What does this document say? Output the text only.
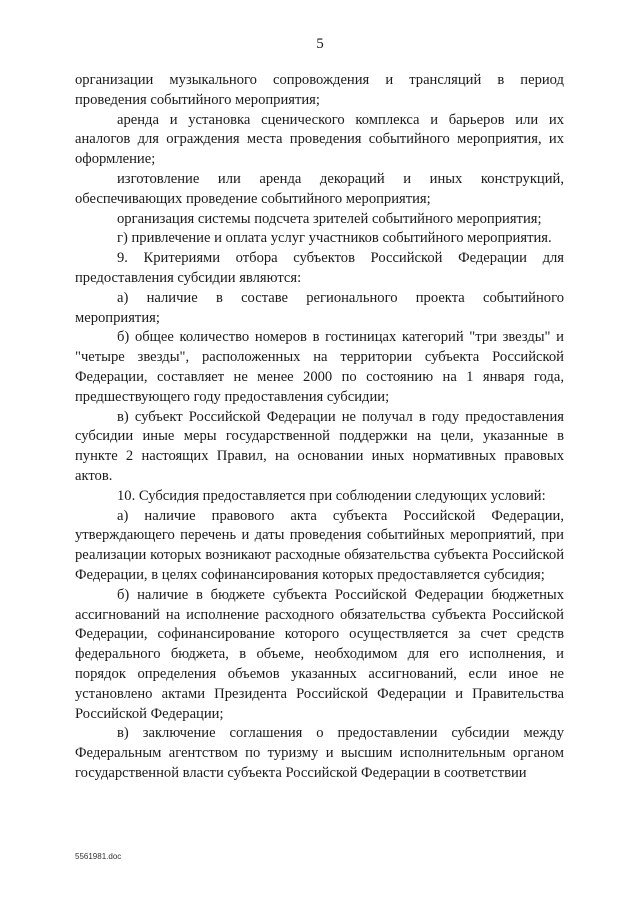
5

организации музыкального сопровождения и трансляций в период проведения событийного мероприятия;

аренда и установка сценического комплекса и барьеров или их аналогов для ограждения места проведения событийного мероприятия, их оформление;

изготовление или аренда декораций и иных конструкций, обеспечивающих проведение событийного мероприятия;

организация системы подсчета зрителей событийного мероприятия;

г) привлечение и оплата услуг участников событийного мероприятия.

9. Критериями отбора субъектов Российской Федерации для предоставления субсидии являются:

а) наличие в составе регионального проекта событийного мероприятия;

б) общее количество номеров в гостиницах категорий "три звезды" и "четыре звезды", расположенных на территории субъекта Российской Федерации, составляет не менее 2000 по состоянию на 1 января года, предшествующего году предоставления субсидии;

в) субъект Российской Федерации не получал в году предоставления субсидии иные меры государственной поддержки на цели, указанные в пункте 2 настоящих Правил, на основании иных нормативных правовых актов.

10. Субсидия предоставляется при соблюдении следующих условий:

а) наличие правового акта субъекта Российской Федерации, утверждающего перечень и даты проведения событийных мероприятий, при реализации которых возникают расходные обязательства субъекта Российской Федерации, в целях софинансирования которых предоставляется субсидия;

б) наличие в бюджете субъекта Российской Федерации бюджетных ассигнований на исполнение расходного обязательства субъекта Российской Федерации, софинансирование которого осуществляется за счет средств федерального бюджета, в объеме, необходимом для его исполнения, и порядок определения объемов указанных ассигнований, если иное не установлено актами Президента Российской Федерации и Правительства Российской Федерации;

в) заключение соглашения о предоставлении субсидии между Федеральным агентством по туризму и высшим исполнительным органом государственной власти субъекта Российской Федерации в соответствии

5561981.doc
